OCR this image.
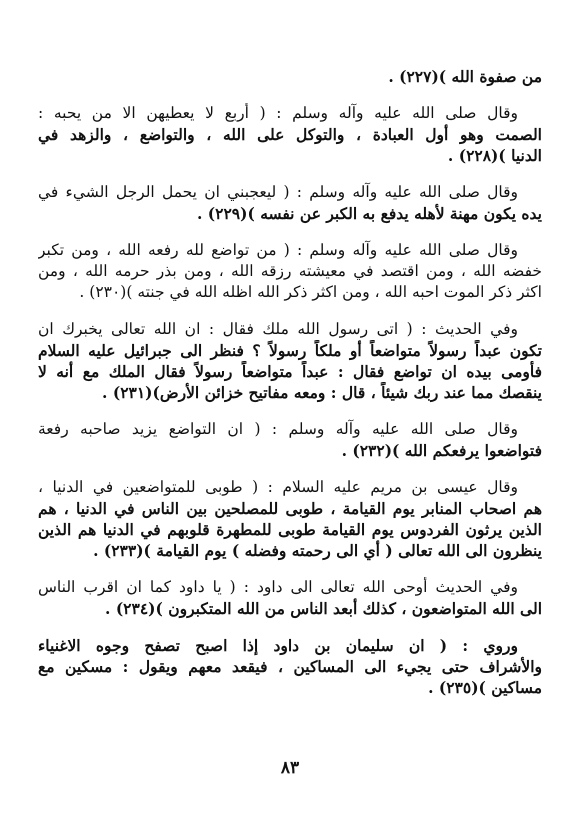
من صفوة الله )(٢٢٧) .
وقال صلى الله عليه وآله وسلم : ( أربع لا يعطيهن الا من يحبه :
الصمت وهو أول العبادة ، والتوكل على الله ، والتواضع ، والزهد في
الدنيا )(٢٢٨) .
وقال صلى الله عليه وآله وسلم : ( ليعجبني ان يحمل الرجل الشيء في
يده يكون مهنة لأهله يدفع به الكبر عن نفسه )(٢٢٩) .
وقال صلى الله عليه وآله وسلم : ( من تواضع لله رفعه الله ، ومن تكبر
خفضه الله ، ومن اقتصد في معيشته رزقه الله ، ومن بذر حرمه الله ، ومن
اكثر ذكر الموت احبه الله ، ومن اكثر ذكر الله اظله الله في جنته )(٢٣٠) .
وفي الحديث : ( اتى رسول الله ملك فقال : ان الله تعالى يخبرك ان
تكون عبداً رسولاً متواضعاً أو ملكاً رسولاً ؟ فنظر الى جبرائيل عليه السلام
فأومى بيده ان تواضع فقال : عبداً متواضعاً رسولاً فقال الملك مع أنه لا
ينقصك مما عند ربك شيئاً ، قال : ومعه مفاتيح خزائن الأرض)(٢٣١) .
وقال صلى الله عليه وآله وسلم : ( ان التواضع يزيد صاحبه رفعة
فتواضعوا يرفعكم الله )(٢٣٢) .
وقال عيسى بن مريم عليه السلام : ( طوبى للمتواضعين في الدنيا ،
هم اصحاب المنابر يوم القيامة ، طوبى للمصلحين بين الناس في الدنيا ، هم
الذين يرثون الفردوس يوم القيامة طوبى للمطهرة قلوبهم في الدنيا هم الذين
ينظرون الى الله تعالى ( أي الى رحمته وفضله ) يوم القيامة )(٢٣٣) .
وفي الحديث أوحى الله تعالى الى داود : ( يا داود كما ان اقرب الناس
الى الله المتواضعون ، كذلك أبعد الناس من الله المتكبرون )(٢٣٤) .
وروي : ( ان سليمان بن داود إذا اصبح تصفح وجوه الاغنياء
والأشراف حتى يجيء الى المساكين ، فيقعد معهم ويقول : مسكين مع
مساكين )(٢٣٥) .
٨٣
